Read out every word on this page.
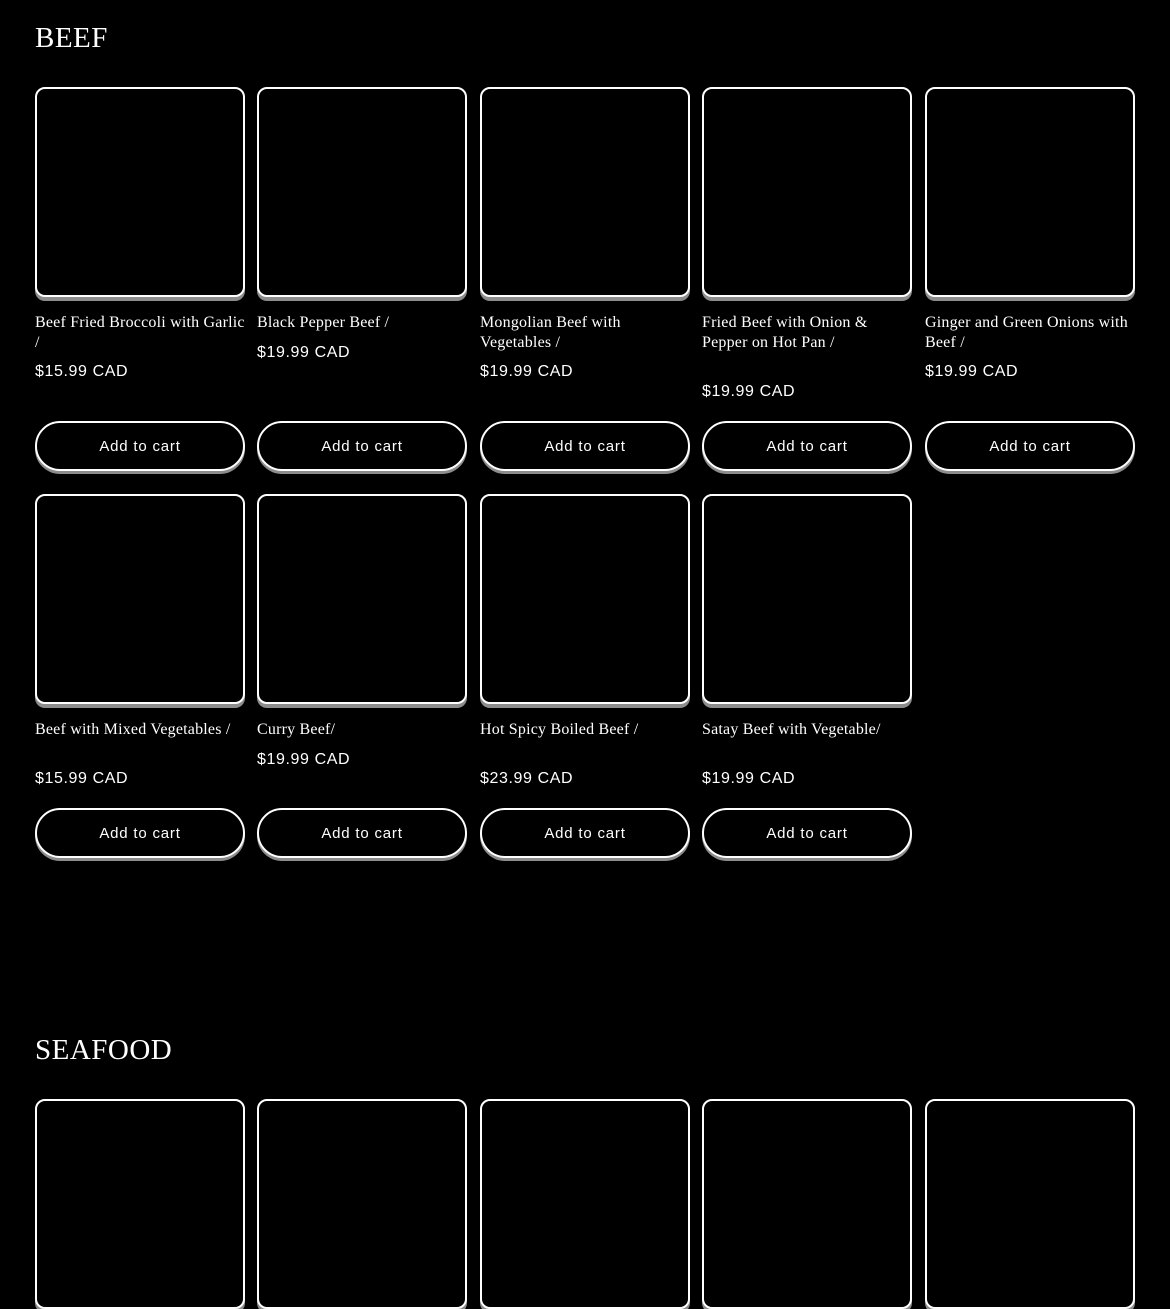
BEEF

Beef Fried Broccoli with Garlic /

$15.99 CAD

Add to cart

Black Pepper Beef /

$19.99 CAD

Add to cart

Mongolian Beef with Vegetables /

$19.99 CAD

Add to cart

Fried Beef with Onion & Pepper on Hot Pan /

$19.99 CAD

Add to cart

Ginger and Green Onions with Beef /

$19.99 CAD

Add to cart

Beef with Mixed Vegetables /

$15.99 CAD

Add to cart

Curry Beef/

$19.99 CAD

Add to cart

Hot Spicy Boiled Beef /

$23.99 CAD

Add to cart

Satay Beef with Vegetable/

$19.99 CAD

Add to cart
SEAFOOD
